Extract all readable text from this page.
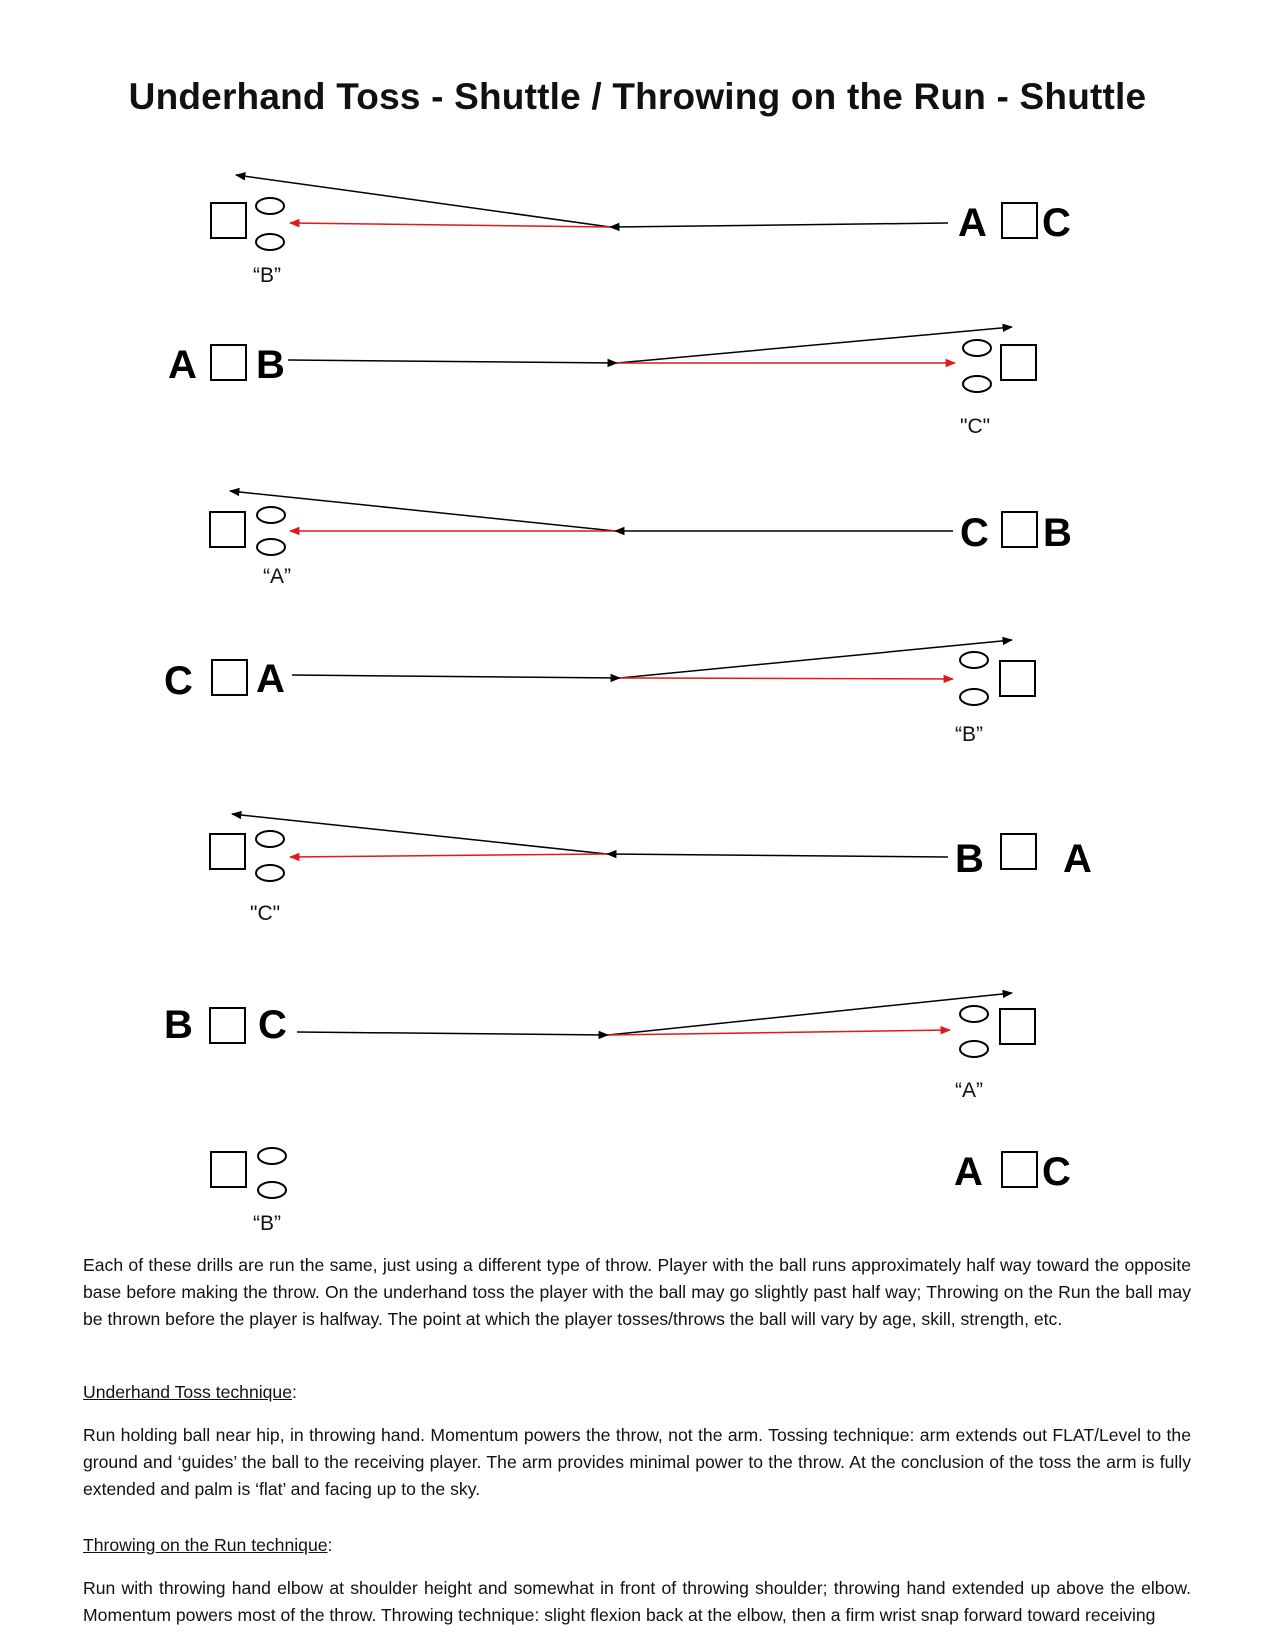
Underhand Toss - Shuttle / Throwing on the Run - Shuttle
“B”
A C
A B
"C"
“A”
C B
C A
“B”
"C"
B A
B C
“A”
“B”
A C

Each of these drills are run the same, just using a different type of throw. Player with the ball runs approximately half way toward the opposite base before making the throw. On the underhand toss the player with the ball may go slightly past half way; Throwing on the Run the ball may be thrown before the player is halfway. The point at which the player tosses/throws the ball will vary by age, skill, strength, etc.

Underhand Toss technique:

Run holding ball near hip, in throwing hand. Momentum powers the throw, not the arm. Tossing technique: arm extends out FLAT/Level to the ground and ‘guides’ the ball to the receiving player. The arm provides minimal power to the throw. At the conclusion of the toss the arm is fully extended and palm is ‘flat’ and facing up to the sky.

Throwing on the Run technique:

Run with throwing hand elbow at shoulder height and somewhat in front of throwing shoulder; throwing hand extended up above the elbow. Momentum powers most of the throw. Throwing technique: slight flexion back at the elbow, then a firm wrist snap forward toward receiving
